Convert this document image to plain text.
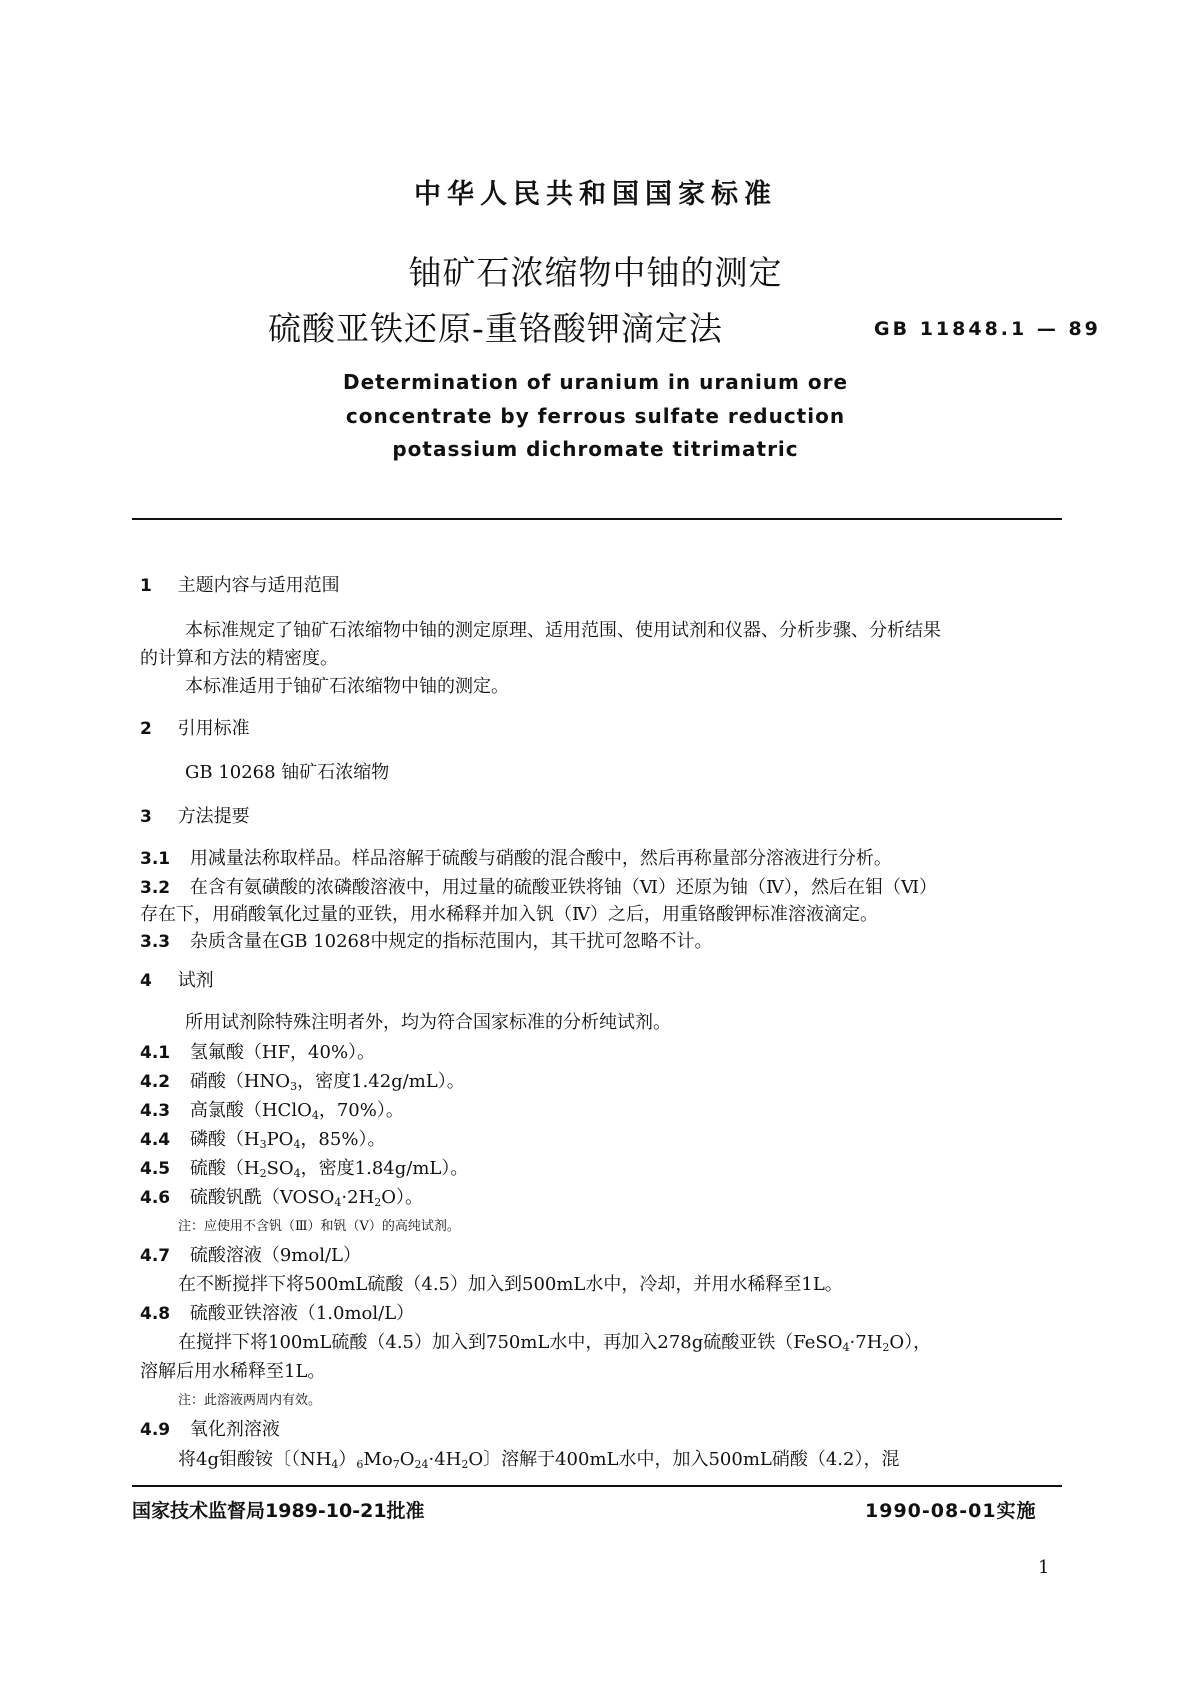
中华人民共和国国家标准
铀矿石浓缩物中铀的测定
硫酸亚铁还原-重铬酸钾滴定法	GB 11848.1 — 89
Determination of uranium in uranium ore
concentrate by ferrous sulfate reduction
potassium dichromate titrimatric
1 主题内容与适用范围
本标准规定了铀矿石浓缩物中铀的测定原理、适用范围、使用试剂和仪器、分析步骤、分析结果
的计算和方法的精密度。
本标准适用于铀矿石浓缩物中铀的测定。
2 引用标准
GB 10268 铀矿石浓缩物
3 方法提要
3.1 用减量法称取样品。样品溶解于硫酸与硝酸的混合酸中，然后再称量部分溶液进行分析。
3.2 在含有氨磺酸的浓磷酸溶液中，用过量的硫酸亚铁将铀（Ⅵ）还原为铀（Ⅳ），然后在钼（Ⅵ）
存在下，用硝酸氧化过量的亚铁，用水稀释并加入钒（Ⅳ）之后，用重铬酸钾标准溶液滴定。
3.3 杂质含量在GB 10268中规定的指标范围内，其干扰可忽略不计。
4 试剂
所用试剂除特殊注明者外，均为符合国家标准的分析纯试剂。
4.1 氢氟酸（HF，40%）。
4.2 硝酸（$HNO_3$，密度1.42g/mL）。
4.3 高氯酸（HClO$_4$，70%）。
4.4 磷酸（$H_3PO_4$，85%）。
4.5 硫酸（$H_2SO_4$，密度1.84g/mL）。
4.6 硫酸钒酰$(VOSO_4\cdot 2H_2O)$。
注：应使用不含钒（Ⅲ）和钒（Ⅴ）的高纯试剂。
4.7 硫酸溶液（9mol/L）
在不断搅拌下将500mL硫酸（4.5）加入到500mL水中，冷却，并用水稀释至1L。
4.8 硫酸亚铁溶液（1.0mol/L）
在搅拌下将100mL硫酸（4.5）加入到750mL水中，再加入278g硫酸亚铁$(FeSO_4\cdot 7H_2O)$，
溶解后用水稀释至1L。
注：此溶液两周内有效。
4.9 氧化剂溶液
将4g钼酸铵〔$(NH_4)_6Mo_7O_{24}\cdot 4H_2O$〕溶解于400mL水中，加入500mL硝酸（4.2），混
国家技术监督局1989-10-21批准	1990-08-01实施
1
